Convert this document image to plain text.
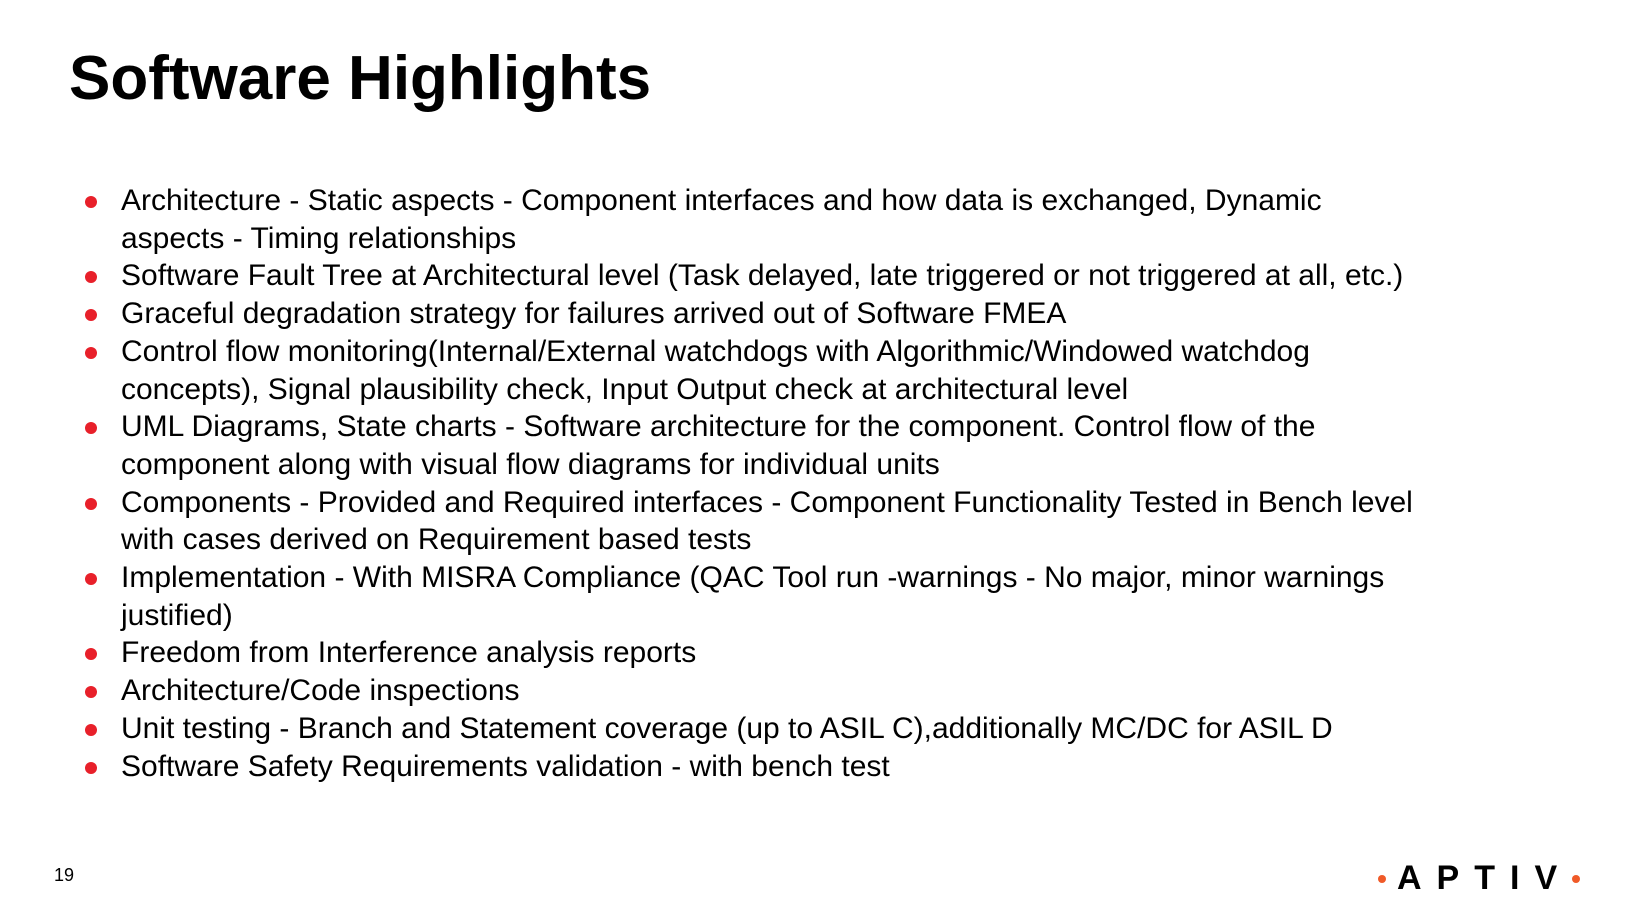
Software Highlights
Architecture - Static aspects - Component interfaces and how data is exchanged, Dynamic aspects - Timing relationships
Software Fault Tree at Architectural level (Task delayed, late triggered or not triggered at all, etc.)
Graceful degradation strategy for failures arrived out of Software FMEA
Control flow monitoring(Internal/External watchdogs with Algorithmic/Windowed watchdog concepts), Signal plausibility check, Input Output check at architectural level
UML Diagrams, State charts - Software architecture for the component. Control flow of the component along with visual flow diagrams for individual units
Components - Provided and Required interfaces - Component Functionality Tested in Bench level with cases derived on Requirement based tests
Implementation - With MISRA Compliance (QAC Tool run -warnings - No major, minor warnings justified)
Freedom from Interference analysis reports
Architecture/Code inspections
Unit testing - Branch and Statement coverage (up to ASIL C),additionally MC/DC for ASIL D
Software Safety Requirements validation - with bench test
19	APTIV
